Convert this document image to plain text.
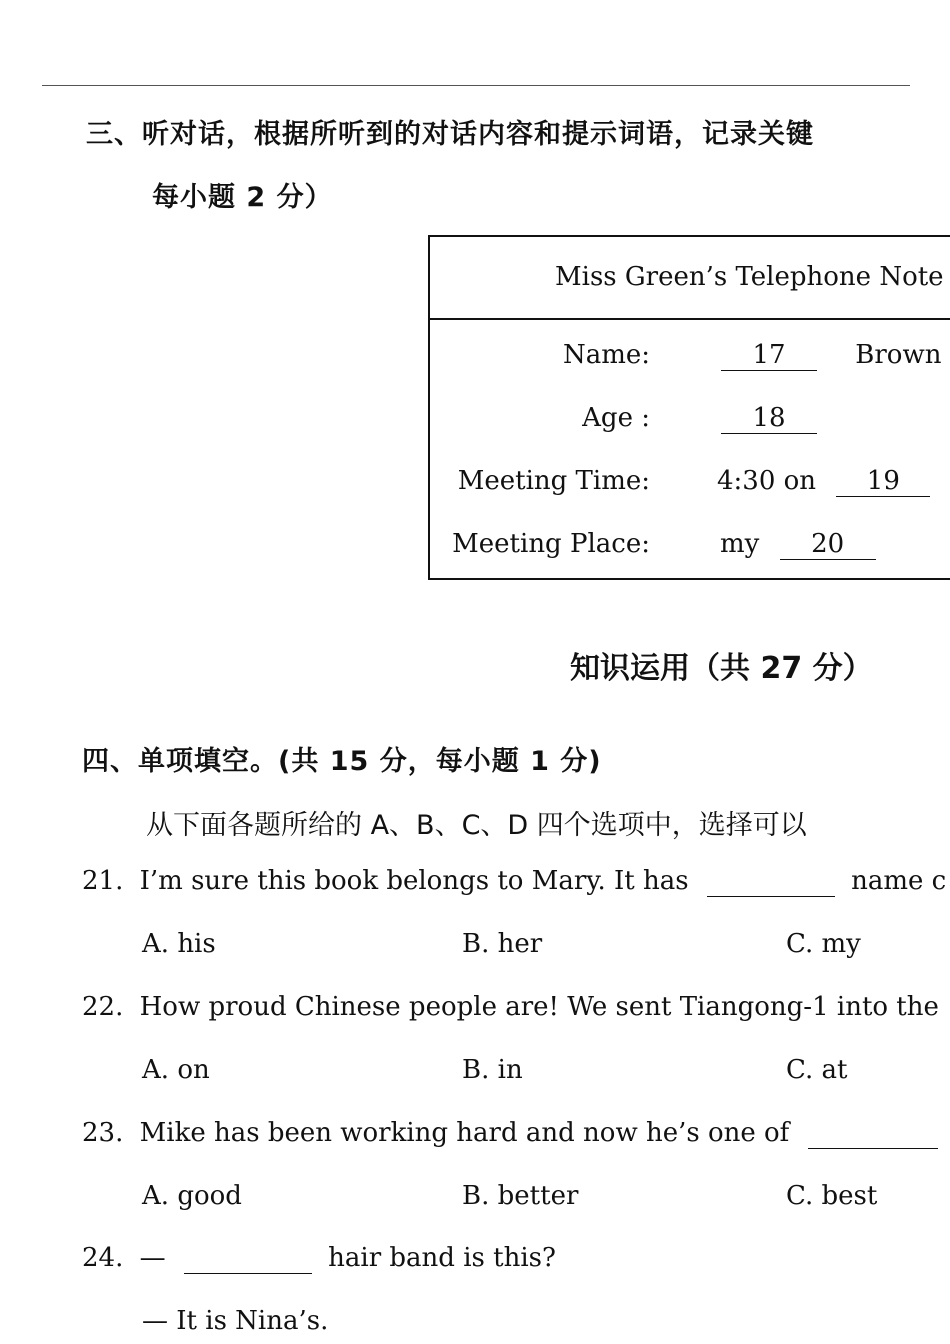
三、听对话，根据所听到的对话内容和提示词语，记录关键
每小题 2 分）
Miss Green’s Telephone Note
Name:	17	Brown
Age :	18
Meeting Time:	4:30 on 19
Meeting Place:	my 20
知识运用（共 27 分）
四、单项填空。(共 15 分，每小题 1 分)
从下面各题所给的 A、B、C、D 四个选项中，选择可以
21. I’m sure this book belongs to Mary. It has	name c
A. his	B. her	C. my
22. How proud Chinese people are! We sent Tiangong-1 into the
A. on	B. in	C. at
23. Mike has been working hard and now he’s one of
A. good	B. better	C. best
24. —	hair band is this?
— It is Nina’s.
